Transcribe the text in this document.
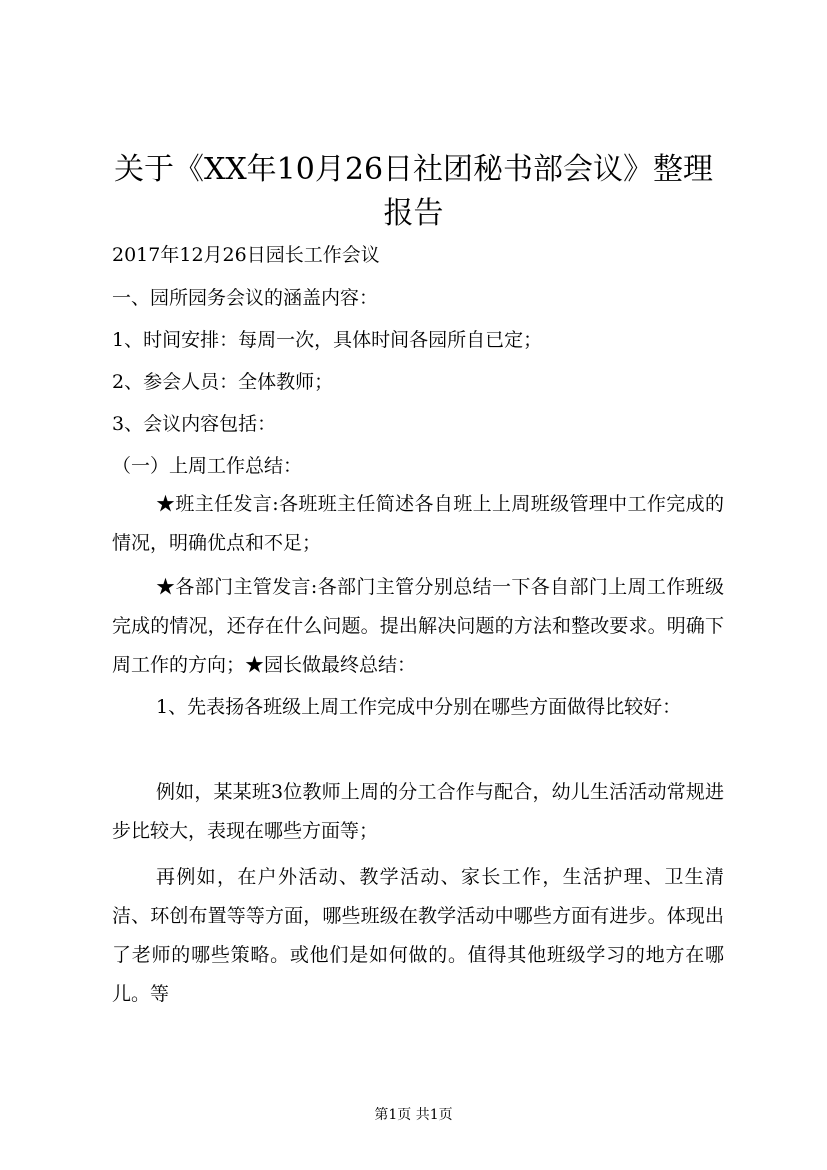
关于《XX年10月26日社团秘书部会议》整理报告

2017年12月26日园长工作会议

一、园所园务会议的涵盖内容：

1、时间安排：每周一次，具体时间各园所自已定；

2、参会人员：全体教师；

3、会议内容包括：

（一）上周工作总结：

★班主任发言:各班班主任简述各自班上上周班级管理中工作完成的情况，明确优点和不足；

★各部门主管发言:各部门主管分别总结一下各自部门上周工作班级完成的情况，还存在什么问题。提出解决问题的方法和整改要求。明确下周工作的方向；★园长做最终总结：

1、先表扬各班级上周工作完成中分别在哪些方面做得比较好：

例如，某某班3位教师上周的分工合作与配合，幼儿生活活动常规进步比较大，表现在哪些方面等；

再例如，在户外活动、教学活动、家长工作，生活护理、卫生清洁、环创布置等等方面，哪些班级在教学活动中哪些方面有进步。体现出了老师的哪些策略。或他们是如何做的。值得其他班级学习的地方在哪儿。等

第1页 共1页
